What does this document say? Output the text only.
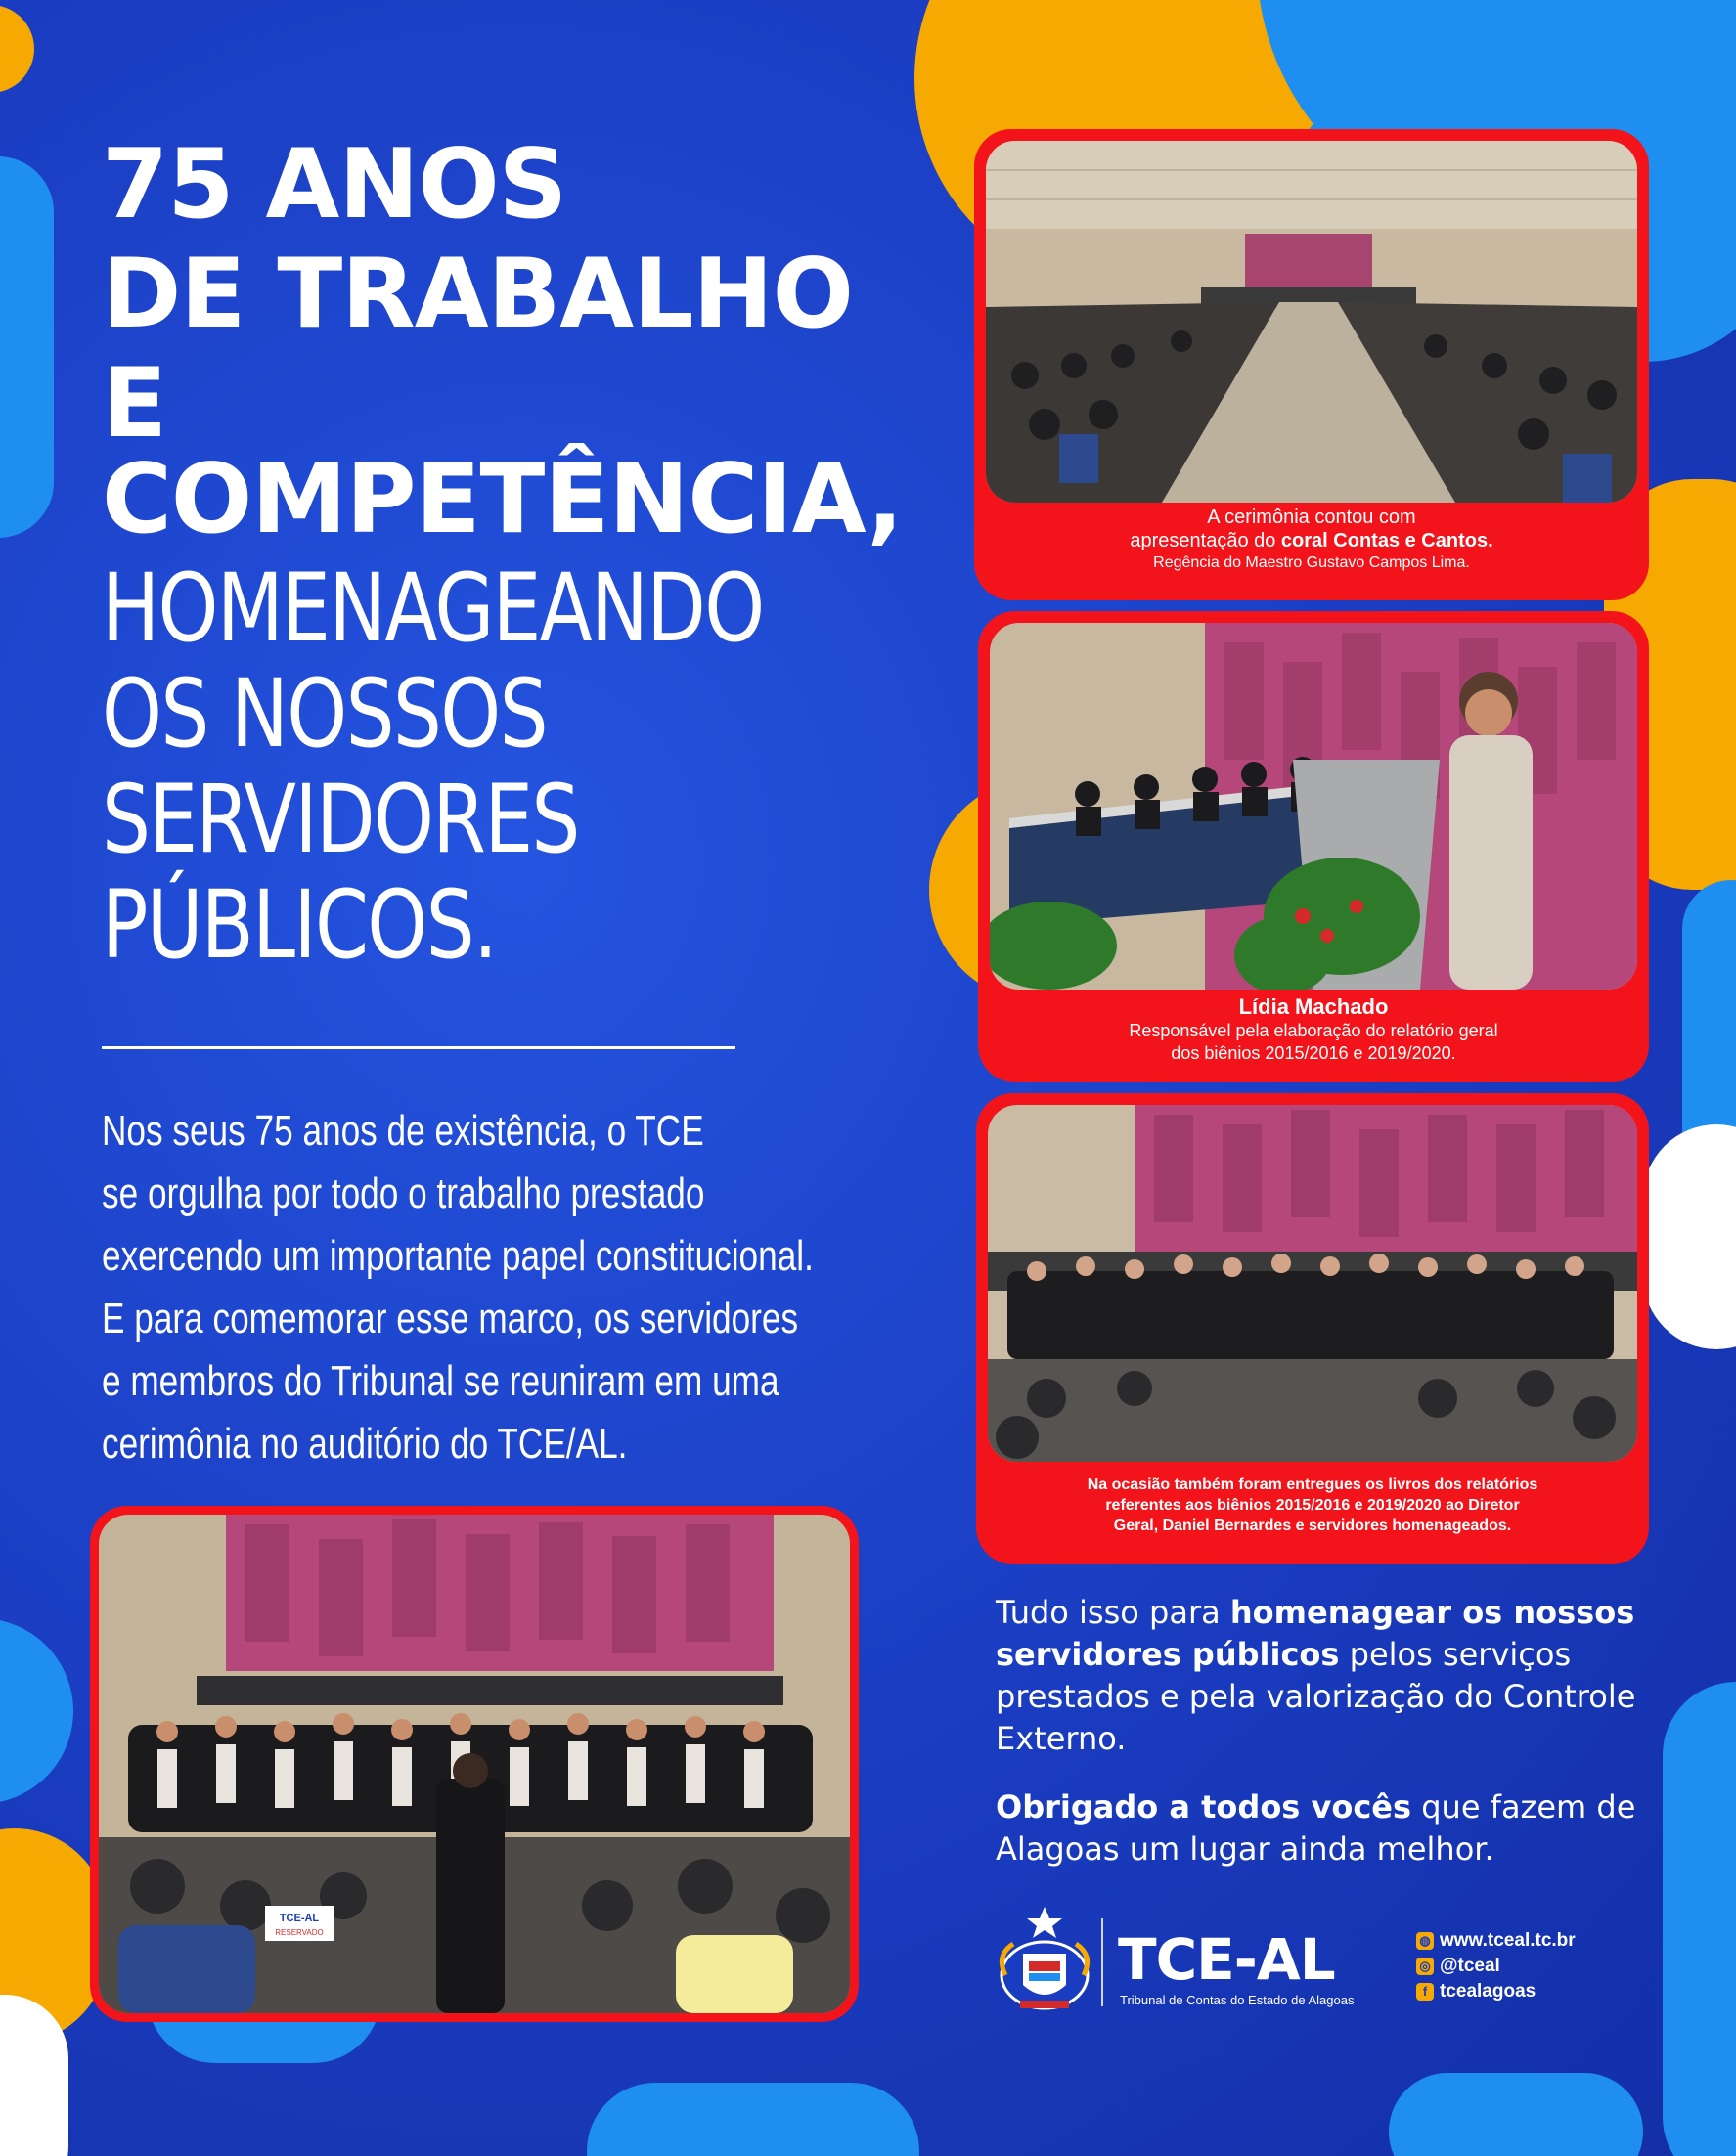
75 ANOS
DE TRABALHO
E COMPETÊNCIA,
HOMENAGEANDO
OS NOSSOS
SERVIDORES
PÚBLICOS.
Nos seus 75 anos de existência, o TCE
se orgulha por todo o trabalho prestado
exercendo um importante papel constitucional.
E para comemorar esse marco, os servidores
e membros do Tribunal se reuniram em uma
cerimônia no auditório do TCE/AL.
A cerimônia contou com
apresentação do coral Contas e Cantos.
Regência do Maestro Gustavo Campos Lima.
Lídia Machado
Responsável pela elaboração do relatório geral
dos biênios 2015/2016 e 2019/2020.
Na ocasião também foram entregues os livros dos relatórios
referentes aos biênios 2015/2016 e 2019/2020 ao Diretor
Geral, Daniel Bernardes e servidores homenageados.
TCE-AL
RESERVADO

Tudo isso para homenagear os nossos servidores públicos pelos serviços prestados e pela valorização do Controle Externo.

Obrigado a todos vocês que fazem de Alagoas um lugar ainda melhor.

TCE-AL
Tribunal de Contas do Estado de Alagoas
◍ www.tceal.tc.br
◎ @tceal
f tcealagoas
